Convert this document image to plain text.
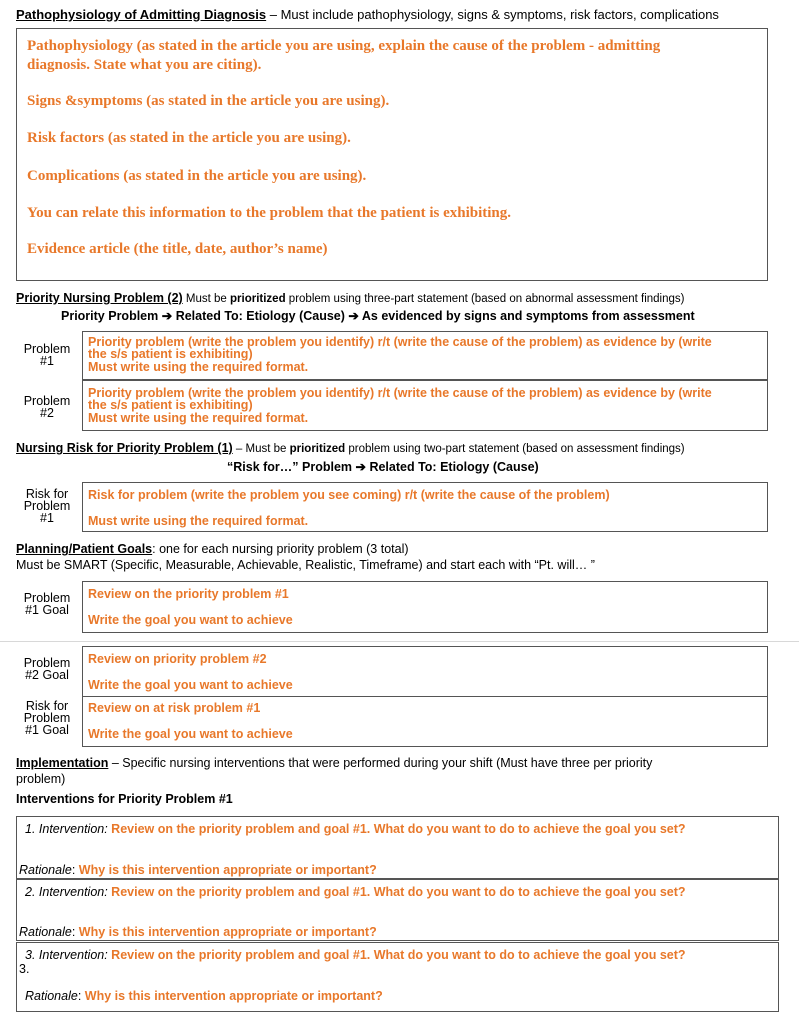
Pathophysiology of Admitting Diagnosis – Must include pathophysiology, signs & symptoms, risk factors, complications
Pathophysiology (as stated in the article you are using, explain the cause of the problem - admitting
diagnosis. State what you are citing).
Signs &symptoms (as stated in the article you are using).
Risk factors (as stated in the article you are using).
Complications (as stated in the article you are using).
You can relate this information to the problem that the patient is exhibiting.
Evidence article (the title, date, author’s name)
Priority Nursing Problem (2) Must be prioritized problem using three-part statement (based on abnormal assessment findings)
Priority Problem ➔ Related To: Etiology (Cause) ➔ As evidenced by signs and symptoms from assessment
Problem
#1
Priority problem (write the problem you identify) r/t (write the cause of the problem) as evidence by (write
the s/s patient is exhibiting)
Must write using the required format.
Problem
#2
Priority problem (write the problem you identify) r/t (write the cause of the problem) as evidence by (write
the s/s patient is exhibiting)
Must write using the required format.
Nursing Risk for Priority Problem (1) – Must be prioritized problem using two-part statement (based on assessment findings)
“Risk for…” Problem ➔ Related To: Etiology (Cause)
Risk for
Problem
#1
Risk for problem (write the problem you see coming) r/t (write the cause of the problem)
Must write using the required format.
Planning/Patient Goals: one for each nursing priority problem (3 total)
Must be SMART (Specific, Measurable, Achievable, Realistic, Timeframe) and start each with “Pt. will… ”
Problem
#1 Goal
Review on the priority problem #1
Write the goal you want to achieve
Problem
#2 Goal
Review on priority problem #2
Write the goal you want to achieve
Review on at risk problem #1
Write the goal you want to achieve
Risk for
Problem
#1 Goal
Implementation – Specific nursing interventions that were performed during your shift (Must have three per priority
problem)
Interventions for Priority Problem #1
1. Intervention: Review on the priority problem and goal #1. What do you want to do to achieve the goal you set?
Rationale: Why is this intervention appropriate or important?
2. Intervention: Review on the priority problem and goal #1. What do you want to do to achieve the goal you set?
Rationale: Why is this intervention appropriate or important?
3. Intervention: Review on the priority problem and goal #1. What do you want to do to achieve the goal you set?
3.
Rationale: Why is this intervention appropriate or important?
